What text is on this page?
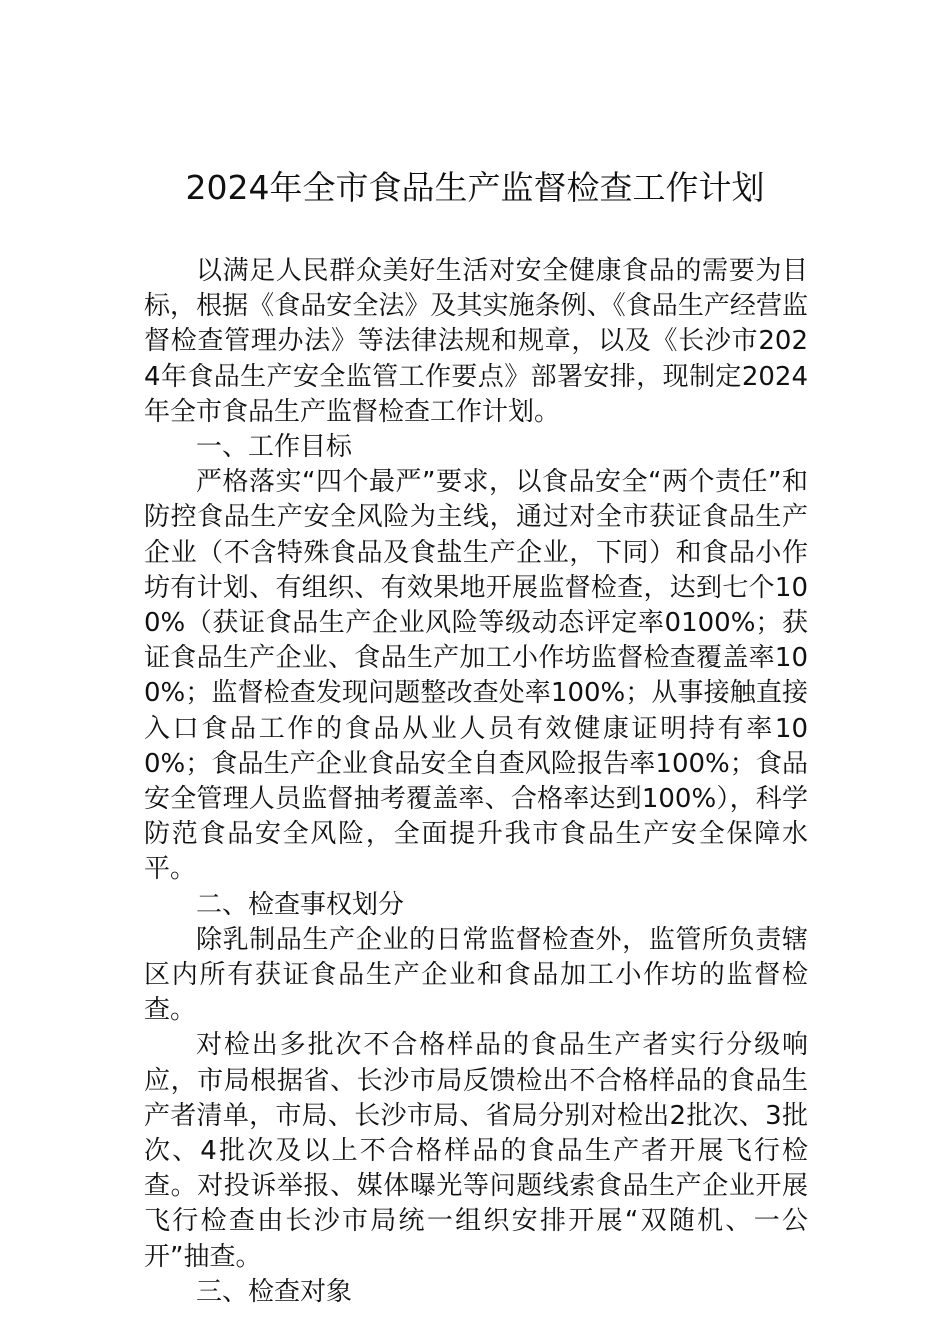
2024年全市食品生产监督检查工作计划

以满足人民群众美好生活对安全健康食品的需要为目标，根据《食品安全法》及其实施条例、《食品生产经营监督检查管理办法》等法律法规和规章，以及《长沙市2024年食品生产安全监管工作要点》部署安排，现制定2024年全市食品生产监督检查工作计划。

一、工作目标

严格落实“四个最严”要求，以食品安全“两个责任”和防控食品生产安全风险为主线，通过对全市获证食品生产企业（不含特殊食品及食盐生产企业，下同）和食品小作坊有计划、有组织、有效果地开展监督检查，达到七个100%（获证食品生产企业风险等级动态评定率0100%；获证食品生产企业、食品生产加工小作坊监督检查覆盖率100%；监督检查发现问题整改查处率100%；从事接触直接入口食品工作的食品从业人员有效健康证明持有率100%；食品生产企业食品安全自查风险报告率100%；食品安全管理人员监督抽考覆盖率、合格率达到100%），科学防范食品安全风险，全面提升我市食品生产安全保障水平。

二、检查事权划分

除乳制品生产企业的日常监督检查外，监管所负责辖区内所有获证食品生产企业和食品加工小作坊的监督检查。

对检出多批次不合格样品的食品生产者实行分级响应，市局根据省、长沙市局反馈检出不合格样品的食品生产者清单，市局、长沙市局、省局分别对检出2批次、3批次、4批次及以上不合格样品的食品生产者开展飞行检查。对投诉举报、媒体曝光等问题线索食品生产企业开展飞行检查由长沙市局统一组织安排开展“双随机、一公开”抽查。

三、检查对象
